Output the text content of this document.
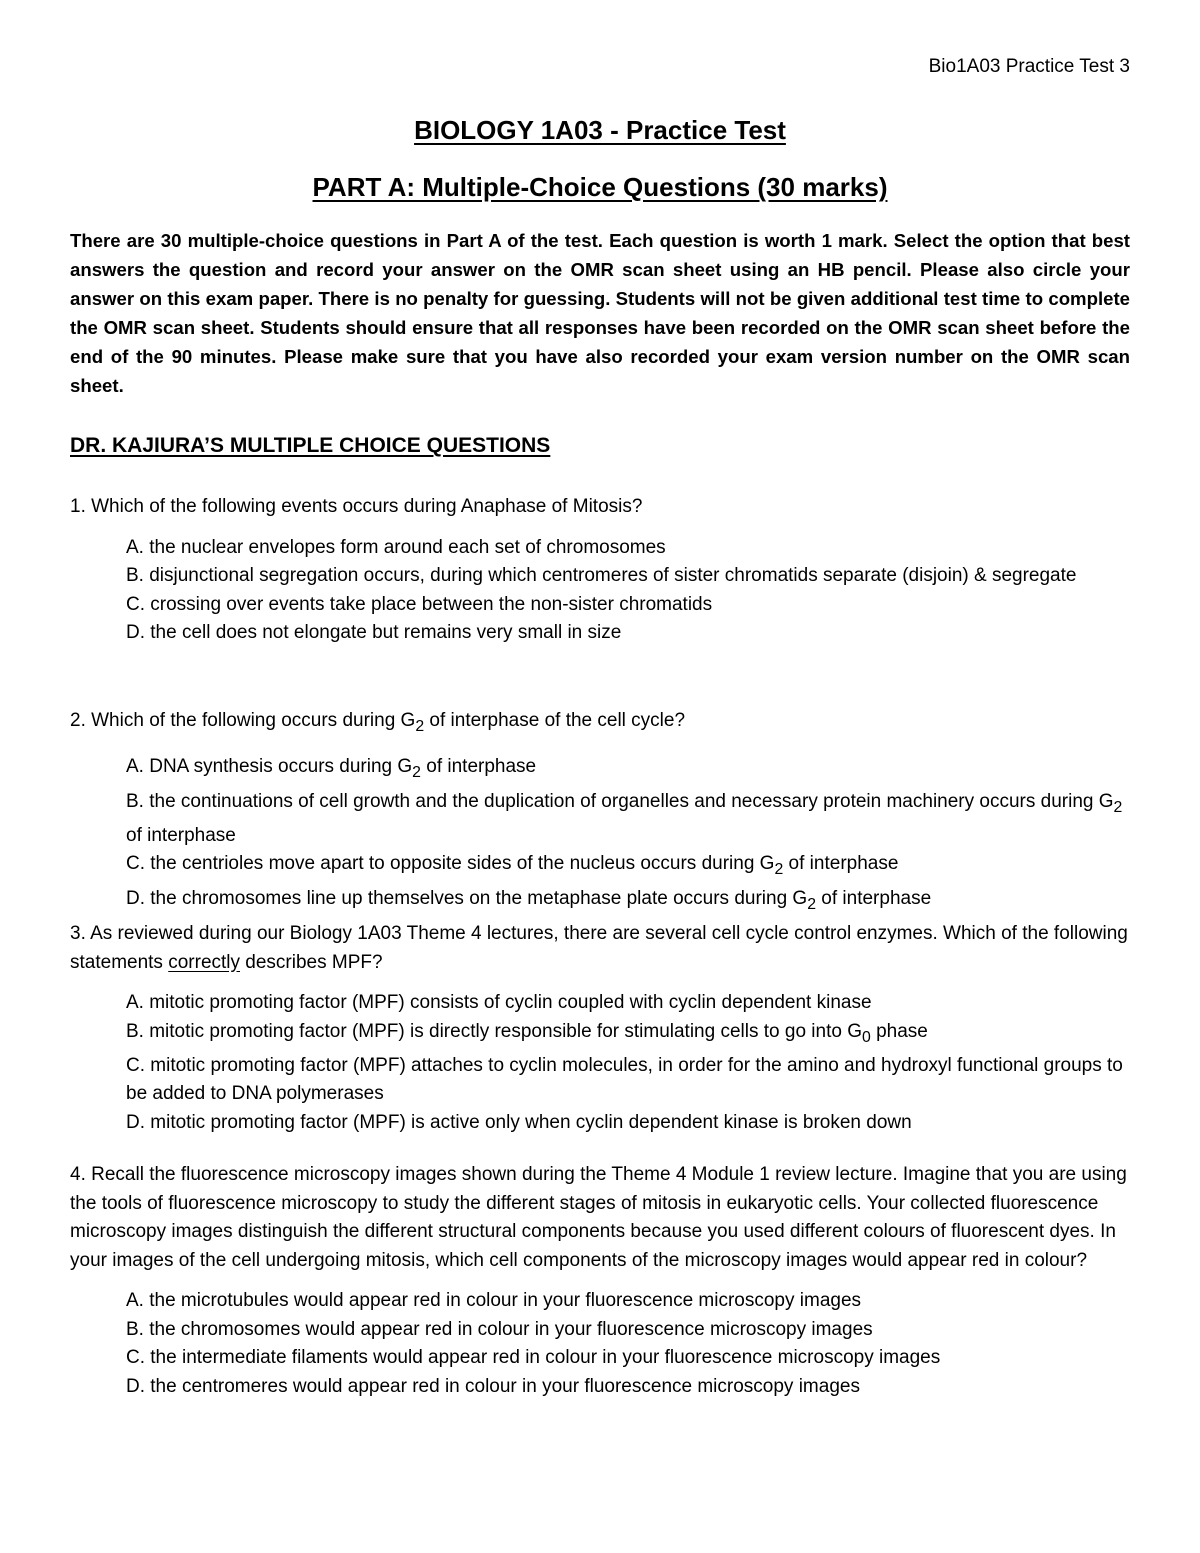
Bio1A03 Practice Test 3
BIOLOGY 1A03 - Practice Test
PART A: Multiple-Choice Questions (30 marks)

There are 30 multiple-choice questions in Part A of the test. Each question is worth 1 mark. Select the option that best answers the question and record your answer on the OMR scan sheet using an HB pencil. Please also circle your answer on this exam paper. There is no penalty for guessing. Students will not be given additional test time to complete the OMR scan sheet. Students should ensure that all responses have been recorded on the OMR scan sheet before the end of the 90 minutes. Please make sure that you have also recorded your exam version number on the OMR scan sheet.

DR. KAJIURA’S MULTIPLE CHOICE QUESTIONS

1. Which of the following events occurs during Anaphase of Mitosis?

A. the nuclear envelopes form around each set of chromosomes
B. disjunctional segregation occurs, during which centromeres of sister chromatids separate (disjoin) & segregate
C. crossing over events take place between the non-sister chromatids
D. the cell does not elongate but remains very small in size

2. Which of the following occurs during $G_2$ of interphase of the cell cycle?

A. DNA synthesis occurs during $G_2$ of interphase
B. the continuations of cell growth and the duplication of organelles and necessary protein machinery occurs during $G_2$ of interphase
C. the centrioles move apart to opposite sides of the nucleus occurs during $G_2$ of interphase
D. the chromosomes line up themselves on the metaphase plate occurs during $G_2$ of interphase

3. As reviewed during our Biology 1A03 Theme 4 lectures, there are several cell cycle control enzymes. Which of the following statements correctly describes MPF?

A. mitotic promoting factor (MPF) consists of cyclin coupled with cyclin dependent kinase
B. mitotic promoting factor (MPF) is directly responsible for stimulating cells to go into $G_0$ phase
C. mitotic promoting factor (MPF) attaches to cyclin molecules, in order for the amino and hydroxyl functional groups to be added to DNA polymerases
D. mitotic promoting factor (MPF) is active only when cyclin dependent kinase is broken down

4. Recall the fluorescence microscopy images shown during the Theme 4 Module 1 review lecture. Imagine that you are using the tools of fluorescence microscopy to study the different stages of mitosis in eukaryotic cells. Your collected fluorescence microscopy images distinguish the different structural components because you used different colours of fluorescent dyes. In your images of the cell undergoing mitosis, which cell components of the microscopy images would appear red in colour?

A. the microtubules would appear red in colour in your fluorescence microscopy images
B. the chromosomes would appear red in colour in your fluorescence microscopy images
C. the intermediate filaments would appear red in colour in your fluorescence microscopy images
D. the centromeres would appear red in colour in your fluorescence microscopy images
